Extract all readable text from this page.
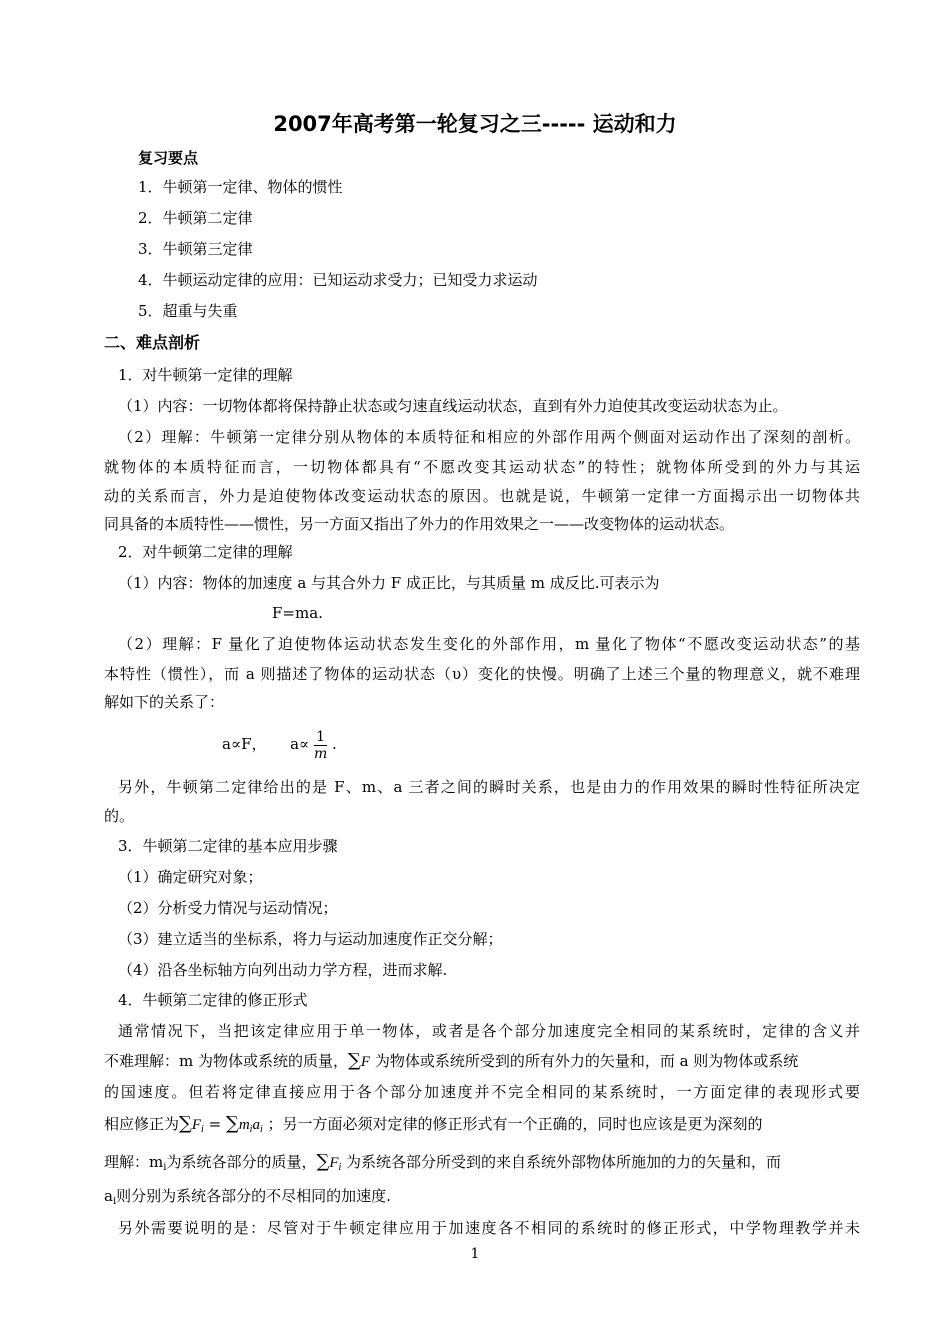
2007年高考第一轮复习之三----- 运动和力
复习要点
1．牛顿第一定律、物体的惯性
2．牛顿第二定律
3．牛顿第三定律
4．牛顿运动定律的应用：已知运动求受力；已知受力求运动
5．超重与失重
二、难点剖析
1．对牛顿第一定律的理解
（1）内容：一切物体都将保持静止状态或匀速直线运动状态，直到有外力迫使其改变运动状态为止。
（2）理解：牛顿第一定律分别从物体的本质特征和相应的外部作用两个侧面对运动作出了深刻的剖析。
就物体的本质特征而言，一切物体都具有“不愿改变其运动状态”的特性；就物体所受到的外力与其运
动的关系而言，外力是迫使物体改变运动状态的原因。也就是说，牛顿第一定律一方面揭示出一切物体共
同具备的本质特性——惯性，另一方面又指出了外力的作用效果之一——改变物体的运动状态。
2．对牛顿第二定律的理解
（1）内容：物体的加速度 a 与其合外力 F 成正比，与其质量 m 成反比.可表示为
F=ma.
（2）理解：F 量化了迫使物体运动状态发生变化的外部作用，m 量化了物体“不愿改变运动状态”的基
本特性（惯性），而 a 则描述了物体的运动状态（υ）变化的快慢。明确了上述三个量的物理意义，就不难理
解如下的关系了：
a∝F， $a\propto \frac{1}{m}$ .
另外，牛顿第二定律给出的是 F、m、a 三者之间的瞬时关系，也是由力的作用效果的瞬时性特征所决定
的。
3．牛顿第二定律的基本应用步骤
（1）确定研究对象；
（2）分析受力情况与运动情况；
（3）建立适当的坐标系，将力与运动加速度作正交分解；
（4）沿各坐标轴方向列出动力学方程，进而求解.
4．牛顿第二定律的修正形式
通常情况下，当把该定律应用于单一物体，或者是各个部分加速度完全相同的某系统时，定律的含义并
不难理解：m 为物体或系统的质量，∑F 为物体或系统所受到的所有外力的矢量和，而 a 则为物体或系统
的国速度。但若将定律直接应用于各个部分加速度并不完全相同的某系统时，一方面定律的表现形式要
相应修正为$\sum F_i = \sum m_ia_i$ ；另一方面必须对定律的修正形式有一个正确的，同时也应该是更为深刻的
理解：$m_i$为系统各部分的质量，$\sum F_i$ 为系统各部分所受到的来自系统外部物体所施加的力的矢量和，而
$a_i$则分别为系统各部分的不尽相同的加速度.
另外需要说明的是：尽管对于牛顿定律应用于加速度各不相同的系统时的修正形式，中学物理教学并未
1
